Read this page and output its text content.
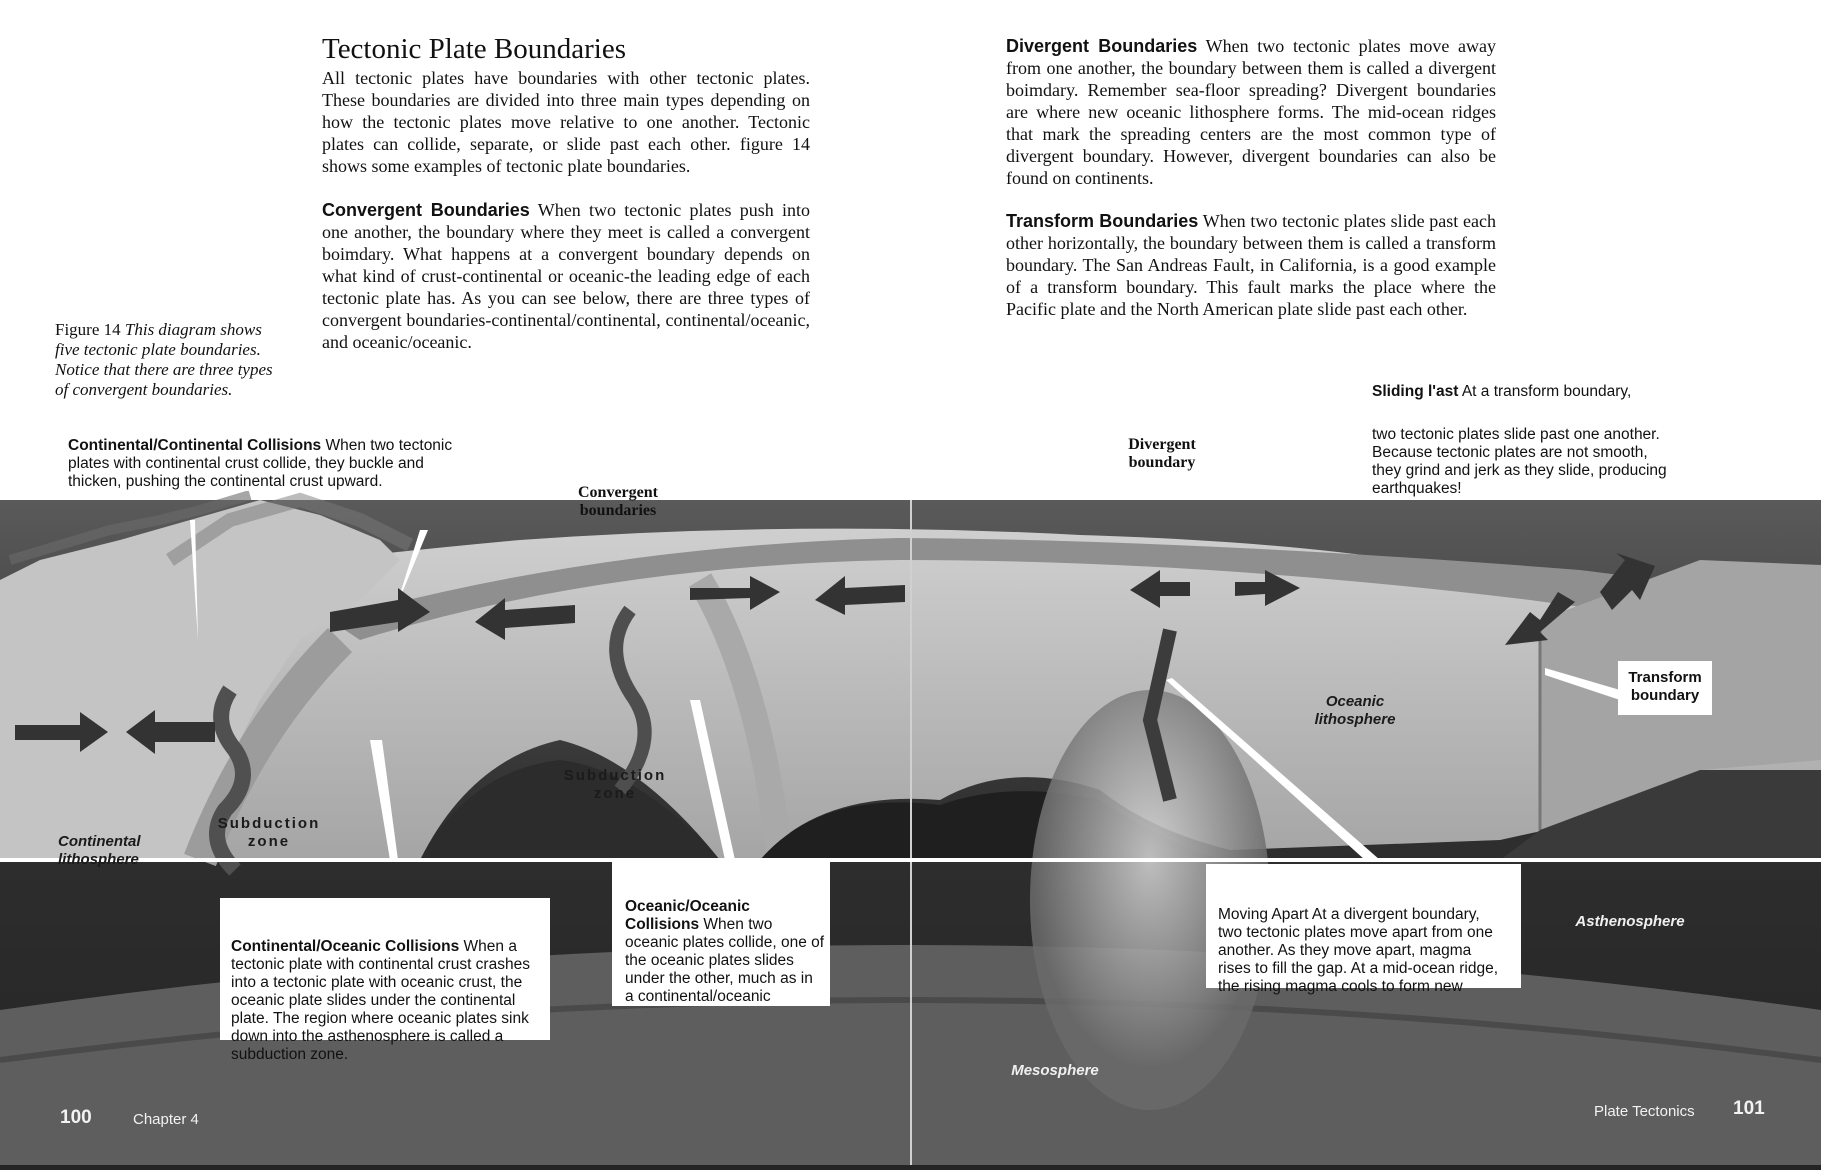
Tectonic Plate Boundaries
All tectonic plates have boundaries with other tectonic plates. These boundaries are divided into three main types depending on how the tectonic plates move relative to one another. Tectonic plates can collide, separate, or slide past each other. figure 14 shows some examples of tectonic plate boundaries.
Convergent Boundaries When two tectonic plates push into one another, the boundary where they meet is called a convergent boimdary. What happens at a convergent boundary depends on what kind of crust-continental or oceanic-the leading edge of each tectonic plate has. As you can see below, there are three types of convergent boundaries-continental/continental, continental/oceanic, and oceanic/oceanic.
Figure 14 This diagram shows five tectonic plate boundaries. Notice that there are three types of convergent boundaries.
Divergent Boundaries When two tectonic plates move away from one another, the boundary between them is called a divergent boimdary. Remember sea-floor spreading? Divergent boundaries are where new oceanic lithosphere forms. The mid-ocean ridges that mark the spreading centers are the most common type of divergent boundary. However, divergent boundaries can also be found on continents.
Transform Boundaries When two tectonic plates slide past each other horizontally, the boundary between them is called a transform boundary. The San Andreas Fault, in California, is a good example of a transform boundary. This fault marks the place where the Pacific plate and the North American plate slide past each other.
Continental/Continental Collisions When two tectonic plates with continental crust collide, they buckle and thicken, pushing the continental crust upward.
Sliding l'ast At a transform boundary,
two tectonic plates slide past one another. Because tectonic plates are not smooth, they grind and jerk as they slide, producing earthquakes!
Continental/Oceanic Collisions When a tectonic plate with continental crust crashes into a tectonic plate with oceanic crust, the oceanic plate slides under the continental plate. The region where oceanic plates sink down into the asthenosphere is called a subduction zone.
Oceanic/Oceanic Collisions When two oceanic plates collide, one of the oceanic plates slides under the other, much as in a continental/oceanic
Moving Apart At a divergent boundary, two tectonic plates move apart from one another. As they move apart, magma rises to fill the gap. At a mid-ocean ridge, the rising magma cools to form new
Convergent boundaries
Divergent boundary
Transform boundary
Subduction zone
Subduction zone
Continental lithosphere
Oceanic lithosphere
Asthenosphere
Mesosphere
100	Chapter 4	Plate Tectonics 101
